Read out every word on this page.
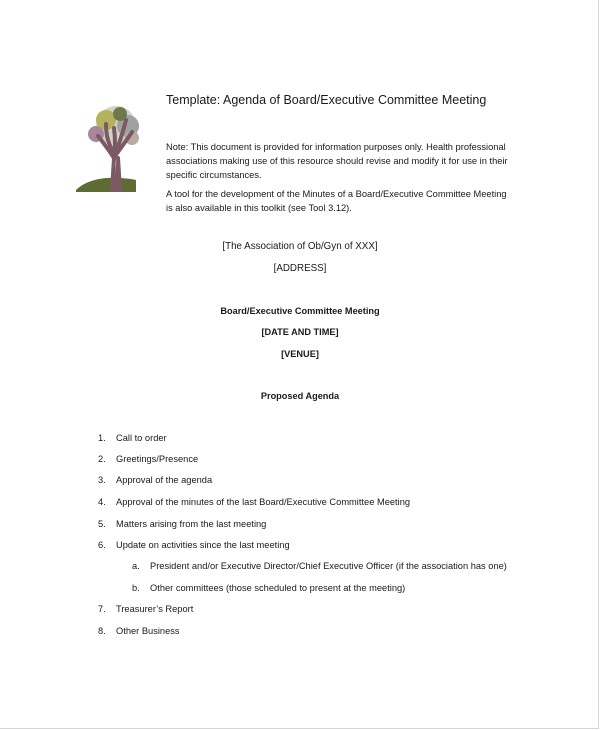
Template: Agenda of Board/Executive Committee Meeting

Note: This document is provided for information purposes only. Health professional associations making use of this resource should revise and modify it for use in their specific circumstances.

A tool for the development of the Minutes of a Board/Executive Committee Meeting is also available in this toolkit (see Tool 3.12).

[The Association of Ob/Gyn of XXX]
[ADDRESS]
Board/Executive Committee Meeting
[DATE AND TIME]
[VENUE]
Proposed Agenda
1. Call to order
2. Greetings/Presence
3. Approval of the agenda
4. Approval of the minutes of the last Board/Executive Committee Meeting
5. Matters arising from the last meeting
6. Update on activities since the last meeting
a. President and/or Executive Director/Chief Executive Officer (if the association has one)
b. Other committees (those scheduled to present at the meeting)
7. Treasurer’s Report
8. Other Business
